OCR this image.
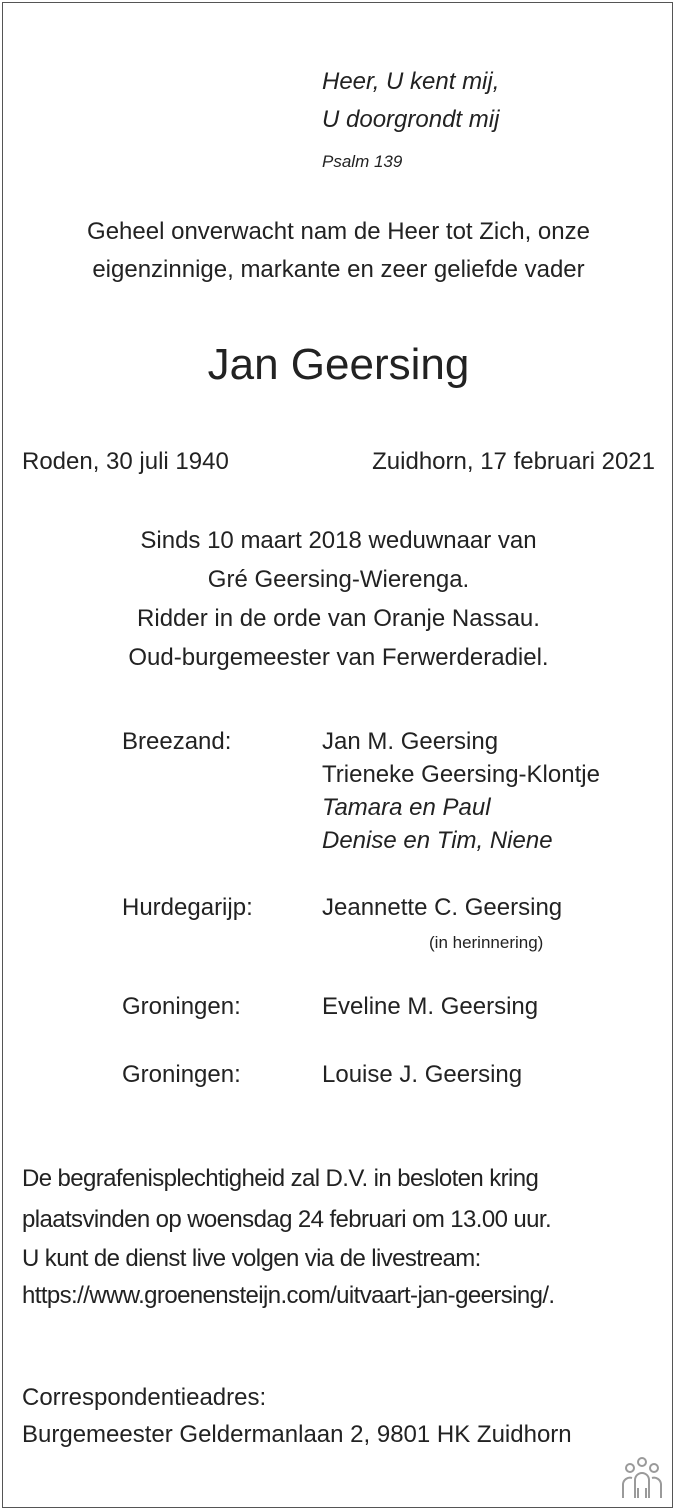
Heer, U kent mij,
U doorgrondt mij
Psalm 139
Geheel onverwacht nam de Heer tot Zich, onze
eigenzinnige, markante en zeer geliefde vader
Jan Geersing
Roden, 30 juli 1940	Zuidhorn, 17 februari 2021
Sinds 10 maart 2018 weduwnaar van
Gré Geersing-Wierenga.
Ridder in de orde van Oranje Nassau.
Oud-burgemeester van Ferwerderadiel.
Breezand:	Jan M. Geersing
Trieneke Geersing-Klontje
Tamara en Paul
Denise en Tim, Niene
Hurdegarijp:	Jeannette C. Geersing
(in herinnering)
Groningen:	Eveline M. Geersing
Groningen:	Louise J. Geersing
De begrafenisplechtigheid zal D.V. in besloten kring
plaatsvinden op woensdag 24 februari om 13.00 uur.
U kunt de dienst live volgen via de livestream:
https://www.groenensteijn.com/uitvaart-jan-geersing/.
Correspondentieadres:
Burgemeester Geldermanlaan 2, 9801 HK Zuidhorn
